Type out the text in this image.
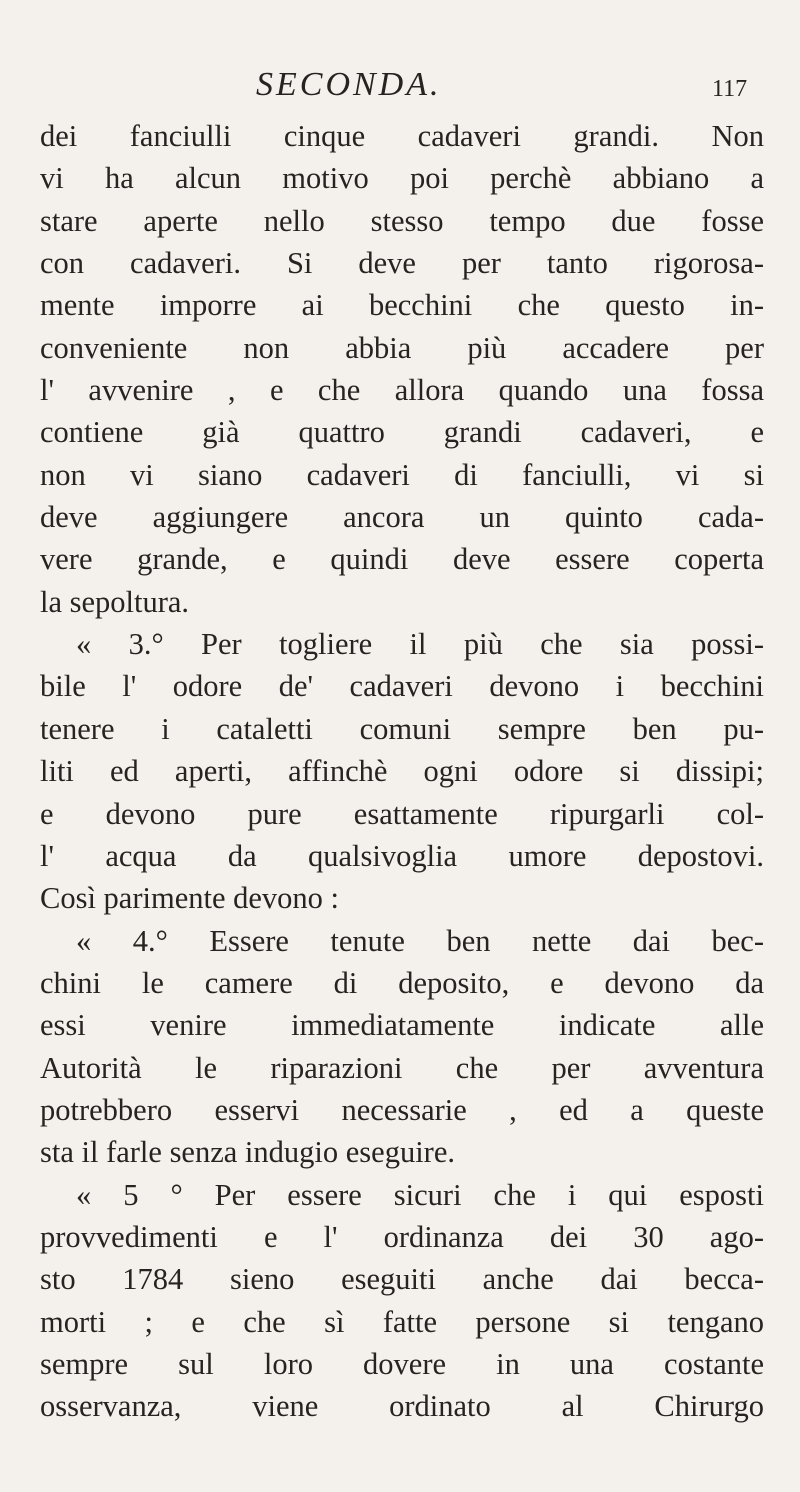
SECONDA.	117
dei fanciulli cinque cadaveri grandi. Non
vi ha alcun motivo poi perchè abbiano a
stare aperte nello stesso tempo due fosse
con cadaveri. Si deve per tanto rigorosa-
mente imporre ai becchini che questo in-
conveniente non abbia più accadere per
l' avvenire , e che allora quando una fossa
contiene già quattro grandi cadaveri, e
non vi siano cadaveri di fanciulli, vi si
deve aggiungere ancora un quinto cada-
vere grande, e quindi deve essere coperta
la sepoltura.
« 3.° Per togliere il più che sia possi-
bile l' odore de' cadaveri devono i becchini
tenere i cataletti comuni sempre ben pu-
liti ed aperti, affinchè ogni odore si dissipi;
e devono pure esattamente ripurgarli col-
l' acqua da qualsivoglia umore depostovi.
Così parimente devono :
« 4.° Essere tenute ben nette dai bec-
chini le camere di deposito, e devono da
essi venire immediatamente indicate alle
Autorità le riparazioni che per avventura
potrebbero esservi necessarie , ed a queste
sta il farle senza indugio eseguire.
« 5 ° Per essere sicuri che i qui esposti
provvedimenti e l' ordinanza dei 30 ago-
sto 1784 sieno eseguiti anche dai becca-
morti ; e che sì fatte persone si tengano
sempre sul loro dovere in una costante
osservanza, viene ordinato al Chirurgo
